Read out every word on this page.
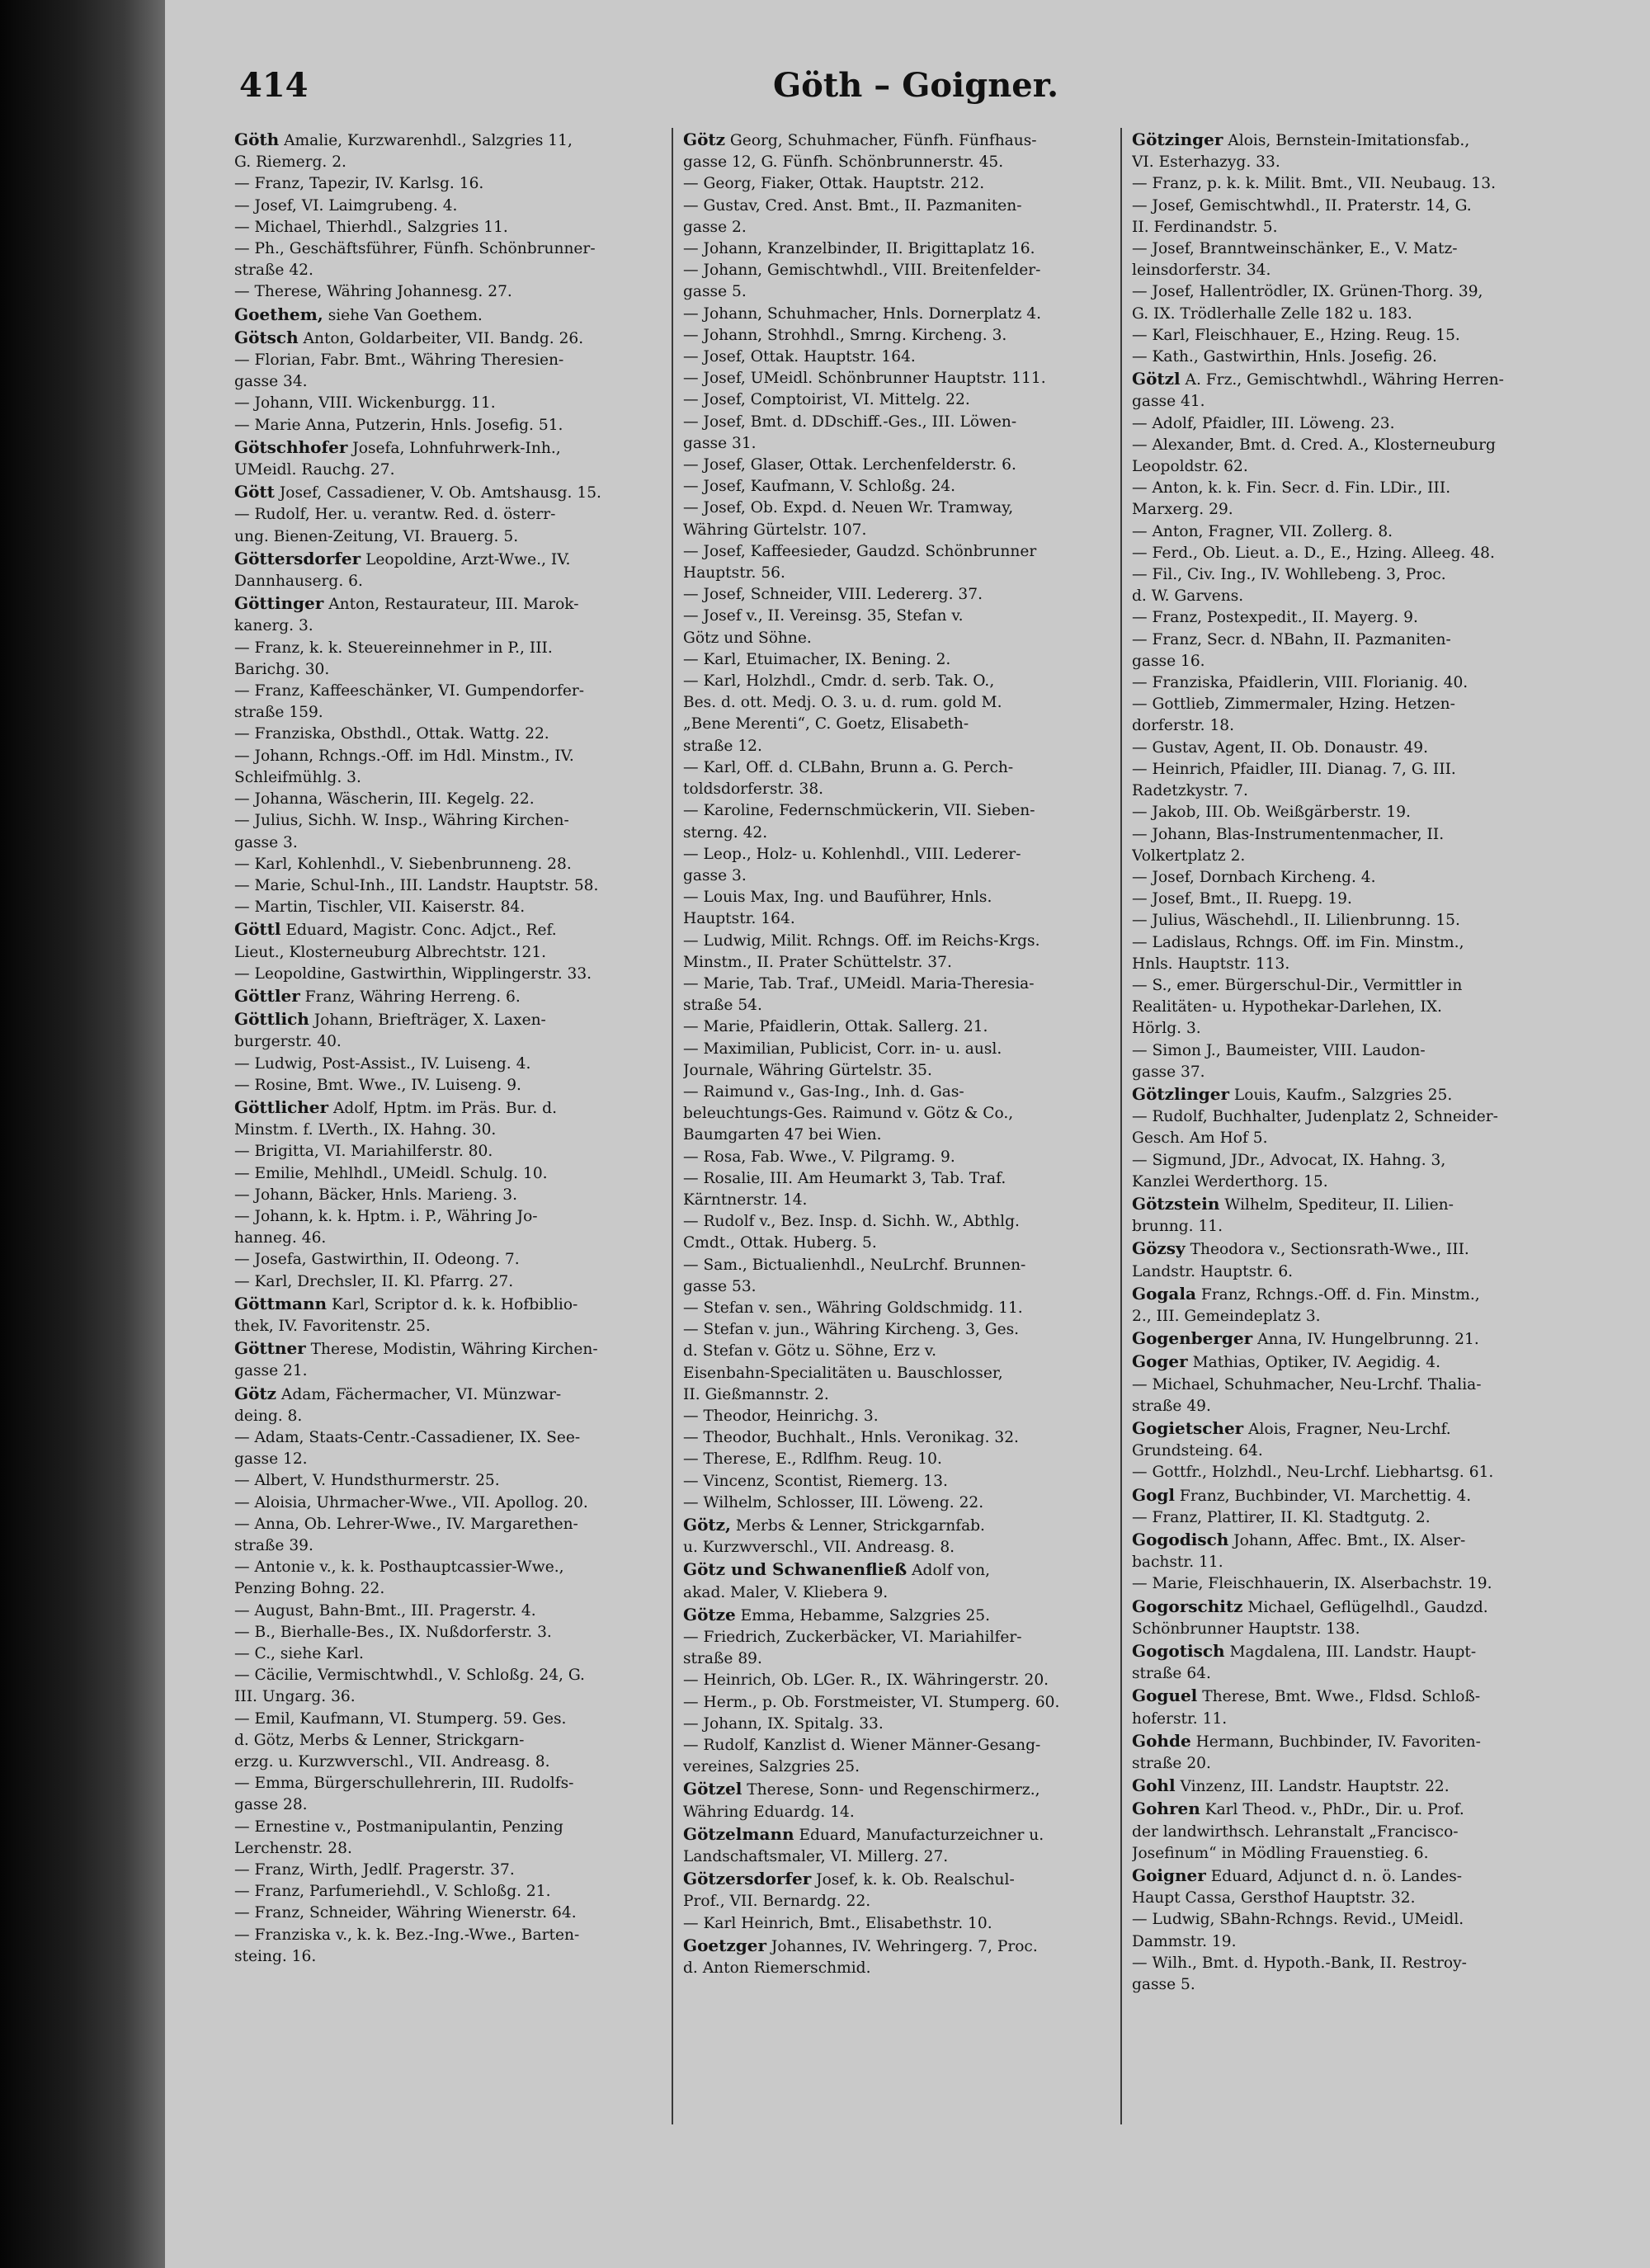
414	Göth – Goigner.
Göth Amalie, Kurzwarenhdl., Salzgries 11,
G. Riemerg. 2.
— Franz, Tapezir, IV. Karlsg. 16.
— Josef, VI. Laimgrubeng. 4.
— Michael, Thierhdl., Salzgries 11.
— Ph., Geschäftsführer, Fünfh. Schönbrunner-
straße 42.
— Therese, Währing Johannesg. 27.
Goethem, siehe Van Goethem.
Götsch Anton, Goldarbeiter, VII. Bandg. 26.
— Florian, Fabr. Bmt., Währing Theresien-
gasse 34.
— Johann, VIII. Wickenburgg. 11.
— Marie Anna, Putzerin, Hnls. Josefig. 51.
Götschhofer Josefa, Lohnfuhrwerk-Inh.,
UMeidl. Rauchg. 27.
Gött Josef, Cassadiener, V. Ob. Amtshausg. 15.
— Rudolf, Her. u. verantw. Red. d. österr-
ung. Bienen-Zeitung, VI. Brauerg. 5.
Göttersdorfer Leopoldine, Arzt-Wwe., IV.
Dannhauserg. 6.
Göttinger Anton, Restaurateur, III. Marok-
kanerg. 3.
— Franz, k. k. Steuereinnehmer in P., III.
Barichg. 30.
— Franz, Kaffeeschänker, VI. Gumpendorfer-
straße 159.
— Franziska, Obsthdl., Ottak. Wattg. 22.
— Johann, Rchngs.-Off. im Hdl. Minstm., IV.
Schleifmühlg. 3.
— Johanna, Wäscherin, III. Kegelg. 22.
— Julius, Sichh. W. Insp., Währing Kirchen-
gasse 3.
— Karl, Kohlenhdl., V. Siebenbrunneng. 28.
— Marie, Schul-Inh., III. Landstr. Hauptstr. 58.
— Martin, Tischler, VII. Kaiserstr. 84.
Göttl Eduard, Magistr. Conc. Adjct., Ref.
Lieut., Klosterneuburg Albrechtstr. 121.
— Leopoldine, Gastwirthin, Wipplingerstr. 33.
Göttler Franz, Währing Herreng. 6.
Göttlich Johann, Briefträger, X. Laxen-
burgerstr. 40.
— Ludwig, Post-Assist., IV. Luiseng. 4.
— Rosine, Bmt. Wwe., IV. Luiseng. 9.
Göttlicher Adolf, Hptm. im Präs. Bur. d.
Minstm. f. LVerth., IX. Hahng. 30.
— Brigitta, VI. Mariahilferstr. 80.
— Emilie, Mehlhdl., UMeidl. Schulg. 10.
— Johann, Bäcker, Hnls. Marieng. 3.
— Johann, k. k. Hptm. i. P., Währing Jo-
hanneg. 46.
— Josefa, Gastwirthin, II. Odeong. 7.
— Karl, Drechsler, II. Kl. Pfarrg. 27.
Göttmann Karl, Scriptor d. k. k. Hofbiblio-
thek, IV. Favoritenstr. 25.
Göttner Therese, Modistin, Währing Kirchen-
gasse 21.
Götz Adam, Fächermacher, VI. Münzwar-
deing. 8.
— Adam, Staats-Centr.-Cassadiener, IX. See-
gasse 12.
— Albert, V. Hundsthurmerstr. 25.
— Aloisia, Uhrmacher-Wwe., VII. Apollog. 20.
— Anna, Ob. Lehrer-Wwe., IV. Margarethen-
straße 39.
— Antonie v., k. k. Posthauptcassier-Wwe.,
Penzing Bohng. 22.
— August, Bahn-Bmt., III. Pragerstr. 4.
— B., Bierhalle-Bes., IX. Nußdorferstr. 3.
— C., siehe Karl.
— Cäcilie, Vermischtwhdl., V. Schloßg. 24, G.
III. Ungarg. 36.
— Emil, Kaufmann, VI. Stumperg. 59. Ges.
d. Götz, Merbs & Lenner, Strickgarn-
erzg. u. Kurzwverschl., VII. Andreasg. 8.
— Emma, Bürgerschullehrerin, III. Rudolfs-
gasse 28.
— Ernestine v., Postmanipulantin, Penzing
Lerchenstr. 28.
— Franz, Wirth, Jedlf. Pragerstr. 37.
— Franz, Parfumeriehdl., V. Schloßg. 21.
— Franz, Schneider, Währing Wienerstr. 64.
— Franziska v., k. k. Bez.-Ing.-Wwe., Barten-
steing. 16.
Götz Georg, Schuhmacher, Fünfh. Fünfhaus-
gasse 12, G. Fünfh. Schönbrunnerstr. 45.
— Georg, Fiaker, Ottak. Hauptstr. 212.
— Gustav, Cred. Anst. Bmt., II. Pazmaniten-
gasse 2.
— Johann, Kranzelbinder, II. Brigittaplatz 16.
— Johann, Gemischtwhdl., VIII. Breitenfelder-
gasse 5.
— Johann, Schuhmacher, Hnls. Dornerplatz 4.
— Johann, Strohhdl., Smrng. Kircheng. 3.
— Josef, Ottak. Hauptstr. 164.
— Josef, UMeidl. Schönbrunner Hauptstr. 111.
— Josef, Comptoirist, VI. Mittelg. 22.
— Josef, Bmt. d. DDschiff.-Ges., III. Löwen-
gasse 31.
— Josef, Glaser, Ottak. Lerchenfelderstr. 6.
— Josef, Kaufmann, V. Schloßg. 24.
— Josef, Ob. Expd. d. Neuen Wr. Tramway,
Währing Gürtelstr. 107.
— Josef, Kaffeesieder, Gaudzd. Schönbrunner
Hauptstr. 56.
— Josef, Schneider, VIII. Ledererg. 37.
— Josef v., II. Vereinsg. 35, Stefan v.
Götz und Söhne.
— Karl, Etuimacher, IX. Bening. 2.
— Karl, Holzhdl., Cmdr. d. serb. Tak. O.,
Bes. d. ott. Medj. O. 3. u. d. rum. gold M.
„Bene Merenti“, C. Goetz, Elisabeth-
straße 12.
— Karl, Off. d. CLBahn, Brunn a. G. Perch-
toldsdorferstr. 38.
— Karoline, Federnschmückerin, VII. Sieben-
sterng. 42.
— Leop., Holz- u. Kohlenhdl., VIII. Lederer-
gasse 3.
— Louis Max, Ing. und Bauführer, Hnls.
Hauptstr. 164.
— Ludwig, Milit. Rchngs. Off. im Reichs-Krgs.
Minstm., II. Prater Schüttelstr. 37.
— Marie, Tab. Traf., UMeidl. Maria-Theresia-
straße 54.
— Marie, Pfaidlerin, Ottak. Sallerg. 21.
— Maximilian, Publicist, Corr. in- u. ausl.
Journale, Währing Gürtelstr. 35.
— Raimund v., Gas-Ing., Inh. d. Gas-
beleuchtungs-Ges. Raimund v. Götz & Co.,
Baumgarten 47 bei Wien.
— Rosa, Fab. Wwe., V. Pilgramg. 9.
— Rosalie, III. Am Heumarkt 3, Tab. Traf.
Kärntnerstr. 14.
— Rudolf v., Bez. Insp. d. Sichh. W., Abthlg.
Cmdt., Ottak. Huberg. 5.
— Sam., Bictualienhdl., NeuLrchf. Brunnen-
gasse 53.
— Stefan v. sen., Währing Goldschmidg. 11.
— Stefan v. jun., Währing Kircheng. 3, Ges.
d. Stefan v. Götz u. Söhne, Erz v.
Eisenbahn-Specialitäten u. Bauschlosser,
II. Gießmannstr. 2.
— Theodor, Heinrichg. 3.
— Theodor, Buchhalt., Hnls. Veronikag. 32.
— Therese, E., Rdlfhm. Reug. 10.
— Vincenz, Scontist, Riemerg. 13.
— Wilhelm, Schlosser, III. Löweng. 22.
Götz, Merbs & Lenner, Strickgarnfab.
u. Kurzwverschl., VII. Andreasg. 8.
Götz und Schwanenfließ Adolf von,
akad. Maler, V. Kliebera 9.
Götze Emma, Hebamme, Salzgries 25.
— Friedrich, Zuckerbäcker, VI. Mariahilfer-
straße 89.
— Heinrich, Ob. LGer. R., IX. Währingerstr. 20.
— Herm., p. Ob. Forstmeister, VI. Stumperg. 60.
— Johann, IX. Spitalg. 33.
— Rudolf, Kanzlist d. Wiener Männer-Gesang-
vereines, Salzgries 25.
Götzel Therese, Sonn- und Regenschirmerz.,
Währing Eduardg. 14.
Götzelmann Eduard, Manufacturzeichner u.
Landschaftsmaler, VI. Millerg. 27.
Götzersdorfer Josef, k. k. Ob. Realschul-
Prof., VII. Bernardg. 22.
— Karl Heinrich, Bmt., Elisabethstr. 10.
Goetzger Johannes, IV. Wehringerg. 7, Proc.
d. Anton Riemerschmid.
Götzinger Alois, Bernstein-Imitationsfab.,
VI. Esterhazyg. 33.
— Franz, p. k. k. Milit. Bmt., VII. Neubaug. 13.
— Josef, Gemischtwhdl., II. Praterstr. 14, G.
II. Ferdinandstr. 5.
— Josef, Branntweinschänker, E., V. Matz-
leinsdorferstr. 34.
— Josef, Hallentrödler, IX. Grünen-Thorg. 39,
G. IX. Trödlerhalle Zelle 182 u. 183.
— Karl, Fleischhauer, E., Hzing. Reug. 15.
— Kath., Gastwirthin, Hnls. Josefig. 26.
Götzl A. Frz., Gemischtwhdl., Währing Herren-
gasse 41.
— Adolf, Pfaidler, III. Löweng. 23.
— Alexander, Bmt. d. Cred. A., Klosterneuburg
Leopoldstr. 62.
— Anton, k. k. Fin. Secr. d. Fin. LDir., III.
Marxerg. 29.
— Anton, Fragner, VII. Zollerg. 8.
— Ferd., Ob. Lieut. a. D., E., Hzing. Alleeg. 48.
— Fil., Civ. Ing., IV. Wohllebeng. 3, Proc.
d. W. Garvens.
— Franz, Postexpedit., II. Mayerg. 9.
— Franz, Secr. d. NBahn, II. Pazmaniten-
gasse 16.
— Franziska, Pfaidlerin, VIII. Florianig. 40.
— Gottlieb, Zimmermaler, Hzing. Hetzen-
dorferstr. 18.
— Gustav, Agent, II. Ob. Donaustr. 49.
— Heinrich, Pfaidler, III. Dianag. 7, G. III.
Radetzkystr. 7.
— Jakob, III. Ob. Weißgärberstr. 19.
— Johann, Blas-Instrumentenmacher, II.
Volkertplatz 2.
— Josef, Dornbach Kircheng. 4.
— Josef, Bmt., II. Ruepg. 19.
— Julius, Wäschehdl., II. Lilienbrunng. 15.
— Ladislaus, Rchngs. Off. im Fin. Minstm.,
Hnls. Hauptstr. 113.
— S., emer. Bürgerschul-Dir., Vermittler in
Realitäten- u. Hypothekar-Darlehen, IX.
Hörlg. 3.
— Simon J., Baumeister, VIII. Laudon-
gasse 37.
Götzlinger Louis, Kaufm., Salzgries 25.
— Rudolf, Buchhalter, Judenplatz 2, Schneider-
Gesch. Am Hof 5.
— Sigmund, JDr., Advocat, IX. Hahng. 3,
Kanzlei Werderthorg. 15.
Götzstein Wilhelm, Spediteur, II. Lilien-
brunng. 11.
Gözsy Theodora v., Sectionsrath-Wwe., III.
Landstr. Hauptstr. 6.
Gogala Franz, Rchngs.-Off. d. Fin. Minstm.,
2., III. Gemeindeplatz 3.
Gogenberger Anna, IV. Hungelbrunng. 21.
Goger Mathias, Optiker, IV. Aegidig. 4.
— Michael, Schuhmacher, Neu-Lrchf. Thalia-
straße 49.
Gogietscher Alois, Fragner, Neu-Lrchf.
Grundsteing. 64.
— Gottfr., Holzhdl., Neu-Lrchf. Liebhartsg. 61.
Gogl Franz, Buchbinder, VI. Marchettig. 4.
— Franz, Plattirer, II. Kl. Stadtgutg. 2.
Gogodisch Johann, Affec. Bmt., IX. Alser-
bachstr. 11.
— Marie, Fleischhauerin, IX. Alserbachstr. 19.
Gogorschitz Michael, Geflügelhdl., Gaudzd.
Schönbrunner Hauptstr. 138.
Gogotisch Magdalena, III. Landstr. Haupt-
straße 64.
Goguel Therese, Bmt. Wwe., Fldsd. Schloß-
hoferstr. 11.
Gohde Hermann, Buchbinder, IV. Favoriten-
straße 20.
Gohl Vinzenz, III. Landstr. Hauptstr. 22.
Gohren Karl Theod. v., PhDr., Dir. u. Prof.
der landwirthsch. Lehranstalt „Francisco-
Josefinum“ in Mödling Frauenstieg. 6.
Goigner Eduard, Adjunct d. n. ö. Landes-
Haupt Cassa, Gersthof Hauptstr. 32.
— Ludwig, SBahn-Rchngs. Revid., UMeidl.
Dammstr. 19.
— Wilh., Bmt. d. Hypoth.-Bank, II. Restroy-
gasse 5.
